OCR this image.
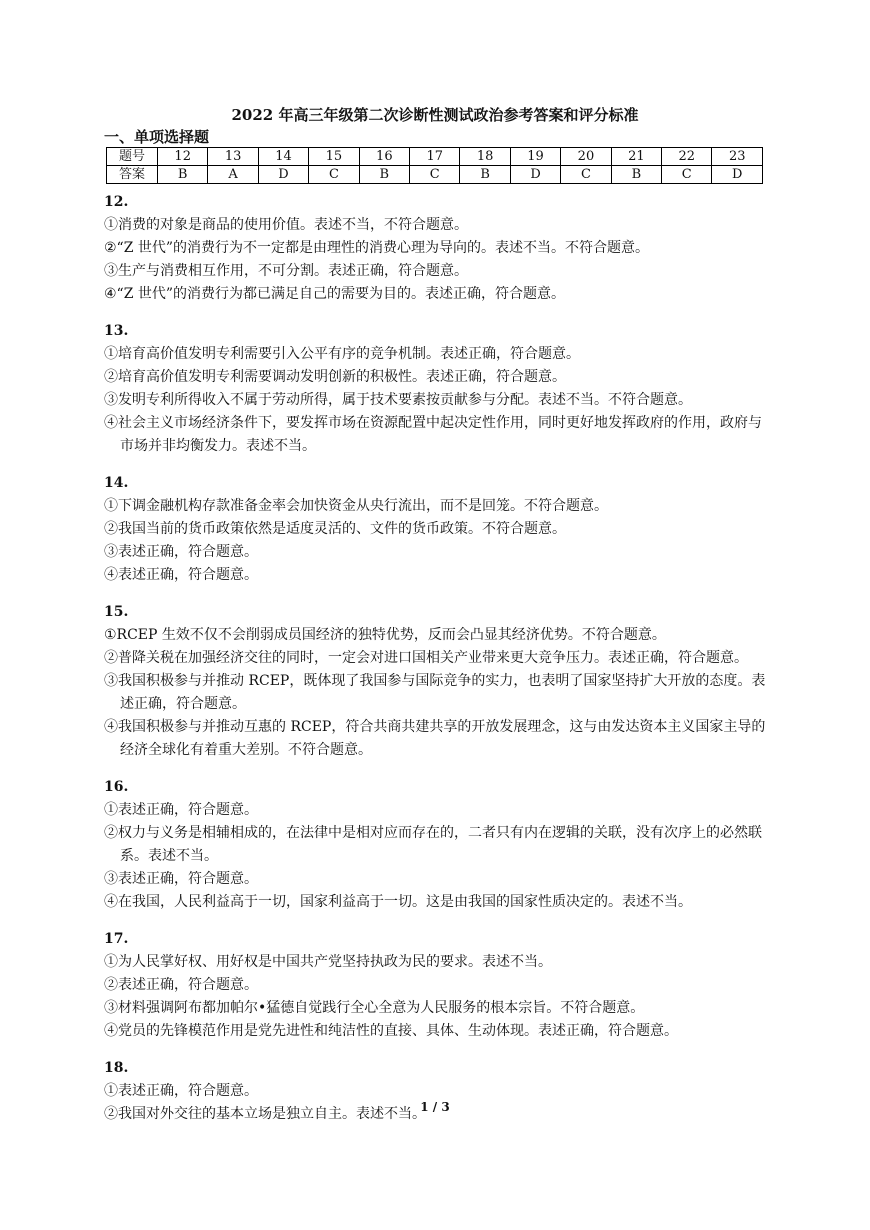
2022 年高三年级第二次诊断性测试政治参考答案和评分标准
一、单项选择题
题号	12	13	14	15	16	17	18	19	20	21	22	23
答案	B	A	D	C	B	C	B	D	C	B	C	D
12.
①消费的对象是商品的使用价值。表述不当，不符合题意。
②“Z 世代”的消费行为不一定都是由理性的消费心理为导向的。表述不当。不符合题意。
③生产与消费相互作用，不可分割。表述正确，符合题意。
④“Z 世代”的消费行为都已满足自己的需要为目的。表述正确，符合题意。
13.
①培育高价值发明专利需要引入公平有序的竞争机制。表述正确，符合题意。
②培育高价值发明专利需要调动发明创新的积极性。表述正确，符合题意。
③发明专利所得收入不属于劳动所得，属于技术要素按贡献参与分配。表述不当。不符合题意。
④社会主义市场经济条件下，要发挥市场在资源配置中起决定性作用，同时更好地发挥政府的作用，政府与市场并非均衡发力。表述不当。
14.
①下调金融机构存款准备金率会加快资金从央行流出，而不是回笼。不符合题意。
②我国当前的货币政策依然是适度灵活的、文件的货币政策。不符合题意。
③表述正确，符合题意。
④表述正确，符合题意。
15.
①RCEP 生效不仅不会削弱成员国经济的独特优势，反而会凸显其经济优势。不符合题意。
②普降关税在加强经济交往的同时，一定会对进口国相关产业带来更大竞争压力。表述正确，符合题意。
③我国积极参与并推动 RCEP，既体现了我国参与国际竞争的实力，也表明了国家坚持扩大开放的态度。表述正确，符合题意。
④我国积极参与并推动互惠的 RCEP，符合共商共建共享的开放发展理念，这与由发达资本主义国家主导的经济全球化有着重大差别。不符合题意。
16.
①表述正确，符合题意。
②权力与义务是相辅相成的，在法律中是相对应而存在的，二者只有内在逻辑的关联，没有次序上的必然联系。表述不当。
③表述正确，符合题意。
④在我国，人民利益高于一切，国家利益高于一切。这是由我国的国家性质决定的。表述不当。
17.
①为人民掌好权、用好权是中国共产党坚持执政为民的要求。表述不当。
②表述正确，符合题意。
③材料强调阿布都加帕尔•猛德自觉践行全心全意为人民服务的根本宗旨。不符合题意。
④党员的先锋模范作用是党先进性和纯洁性的直接、具体、生动体现。表述正确，符合题意。
18.
①表述正确，符合题意。
②我国对外交往的基本立场是独立自主。表述不当。
1 / 3
